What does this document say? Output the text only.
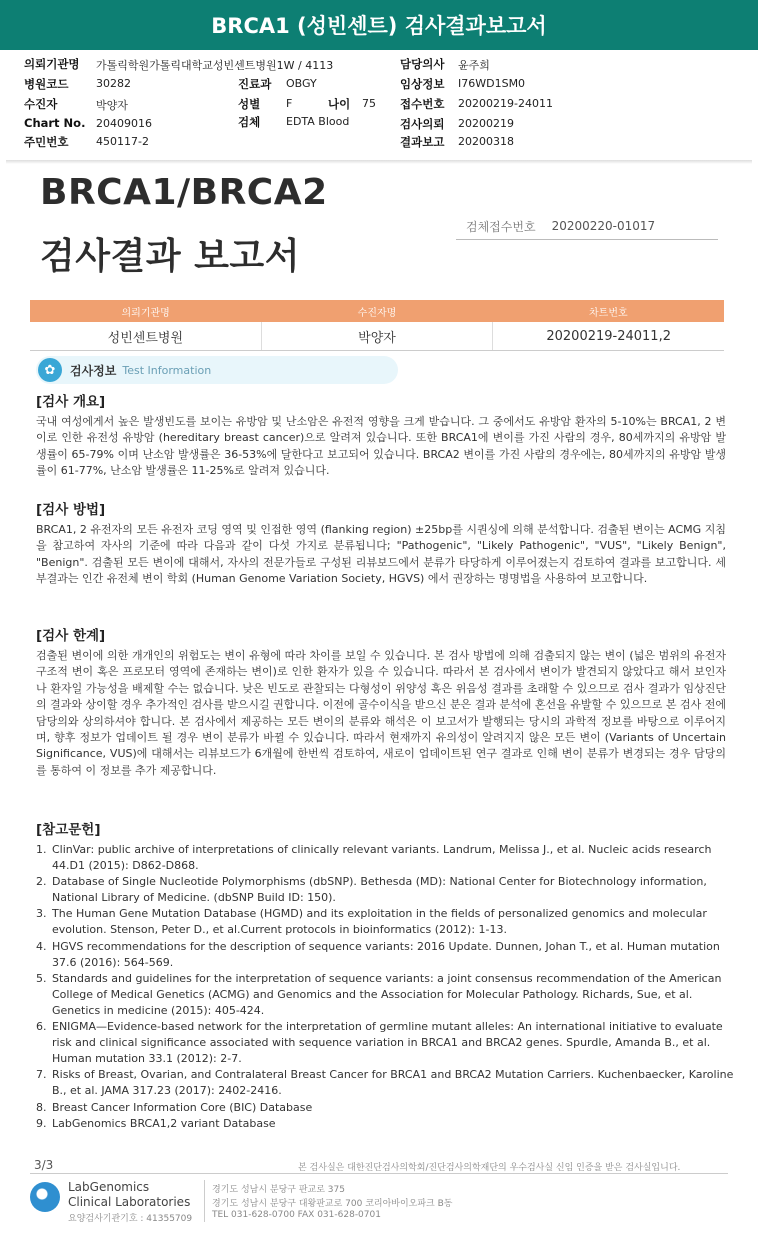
BRCA1 (성빈센트) 검사결과보고서
의뢰기관명 가톨릭학원가톨릭대학교성빈센트병원1W / 4113
병원코드	30282	진료과 OBGY
수진자	박양자	성별 F	나이 75
Chart No. 20409016	검체 EDTA Blood
주민번호	450117-2
담당의사 윤주희
임상정보 I76WD1SM0
접수번호 20200219-24011
검사의뢰 20200219
결과보고 20200318
BRCA1/BRCA2
검사결과 보고서
검체접수번호 20200220-01017
의뢰기관명	수진자명	차트번호
성빈센트병원	박양자	20200219-24011,2
✿	검사정보 Test Information
[검사 개요]

국내 여성에게서 높은 발생빈도를 보이는 유방암 및 난소암은 유전적 영향을 크게 받습니다. 그 중에서도 유방암 환자의 5-10%는 BRCA1, 2 변이로 인한 유전성 유방암 (hereditary breast cancer)으로 알려져 있습니다. 또한 BRCA1에 변이를 가진 사람의 경우, 80세까지의 유방암 발생률이 65-79% 이며 난소암 발생률은 36-53%에 달한다고 보고되어 있습니다. BRCA2 변이를 가진 사람의 경우에는, 80세까지의 유방암 발생률이 61-77%, 난소암 발생률은 11-25%로 알려져 있습니다.

[검사 방법]

BRCA1, 2 유전자의 모든 유전자 코딩 영역 및 인접한 영역 (flanking region) ±25bp를 시퀀싱에 의해 분석합니다. 검출된 변이는 ACMG 지침을 참고하여 자사의 기준에 따라 다음과 같이 다섯 가지로 분류됩니다; "Pathogenic", "Likely Pathogenic", "VUS", "Likely Benign", "Benign". 검출된 모든 변이에 대해서, 자사의 전문가들로 구성된 리뷰보드에서 분류가 타당하게 이루어졌는지 검토하여 결과를 보고합니다. 세부결과는 인간 유전체 변이 학회 (Human Genome Variation Society, HGVS) 에서 권장하는 명명법을 사용하여 보고합니다.

[검사 한계]

검출된 변이에 의한 개개인의 위험도는 변이 유형에 따라 차이를 보일 수 있습니다. 본 검사 방법에 의해 검출되지 않는 변이 (넓은 범위의 유전자 구조적 변이 혹은 프로모터 영역에 존재하는 변이)로 인한 환자가 있을 수 있습니다. 따라서 본 검사에서 변이가 발견되지 않았다고 해서 보인자나 환자일 가능성을 배제할 수는 없습니다. 낮은 빈도로 관찰되는 다형성이 위양성 혹은 위음성 결과를 초래할 수 있으므로 검사 결과가 임상진단의 결과와 상이할 경우 추가적인 검사를 받으시길 권합니다. 이전에 골수이식을 받으신 분은 결과 분석에 혼선을 유발할 수 있으므로 본 검사 전에 담당의와 상의하셔야 합니다. 본 검사에서 제공하는 모든 변이의 분류와 해석은 이 보고서가 발행되는 당시의 과학적 정보를 바탕으로 이루어지며, 향후 정보가 업데이트 될 경우 변이 분류가 바뀔 수 있습니다. 따라서 현재까지 유의성이 알려지지 않은 모든 변이 (Variants of Uncertain Significance, VUS)에 대해서는 리뷰보드가 6개월에 한번씩 검토하여, 새로이 업데이트된 연구 결과로 인해 변이 분류가 변경되는 경우 담당의를 통하여 이 정보를 추가 제공합니다.

[참고문헌]
1. ClinVar: public archive of interpretations of clinically relevant variants. Landrum, Melissa J., et al. Nucleic acids research 44.D1 (2015): D862-D868.
2. Database of Single Nucleotide Polymorphisms (dbSNP). Bethesda (MD): National Center for Biotechnology information, National Library of Medicine. (dbSNP Build ID: 150).
3. The Human Gene Mutation Database (HGMD) and its exploitation in the fields of personalized genomics and molecular evolution. Stenson, Peter D., et al.Current protocols in bioinformatics (2012): 1-13.
4. HGVS recommendations for the description of sequence variants: 2016 Update. Dunnen, Johan T., et al. Human mutation 37.6 (2016): 564-569.
5. Standards and guidelines for the interpretation of sequence variants: a joint consensus recommendation of the American College of Medical Genetics (ACMG) and Genomics and the Association for Molecular Pathology. Richards, Sue, et al. Genetics in medicine (2015): 405-424.
6. ENIGMA—Evidence-based network for the interpretation of germline mutant alleles: An international initiative to evaluate risk and clinical significance associated with sequence variation in BRCA1 and BRCA2 genes. Spurdle, Amanda B., et al. Human mutation 33.1 (2012): 2-7.
7. Risks of Breast, Ovarian, and Contralateral Breast Cancer for BRCA1 and BRCA2 Mutation Carriers. Kuchenbaecker, Karoline B., et al. JAMA 317.23 (2017): 2402-2416.
8. Breast Cancer Information Core (BIC) Database
9. LabGenomics BRCA1,2 variant Database
3/3	본 검사실은 대한진단검사의학회/진단검사의학재단의 우수검사실 신임 인증을 받은 검사실입니다.
LabGenomics
Clinical Laboratories
요양검사기관기호 : 41355709
경기도 성남시 분당구 판교로 375
경기도 성남시 분당구 대왕판교로 700 코리아바이오파크 B동
TEL 031-628-0700 FAX 031-628-0701
